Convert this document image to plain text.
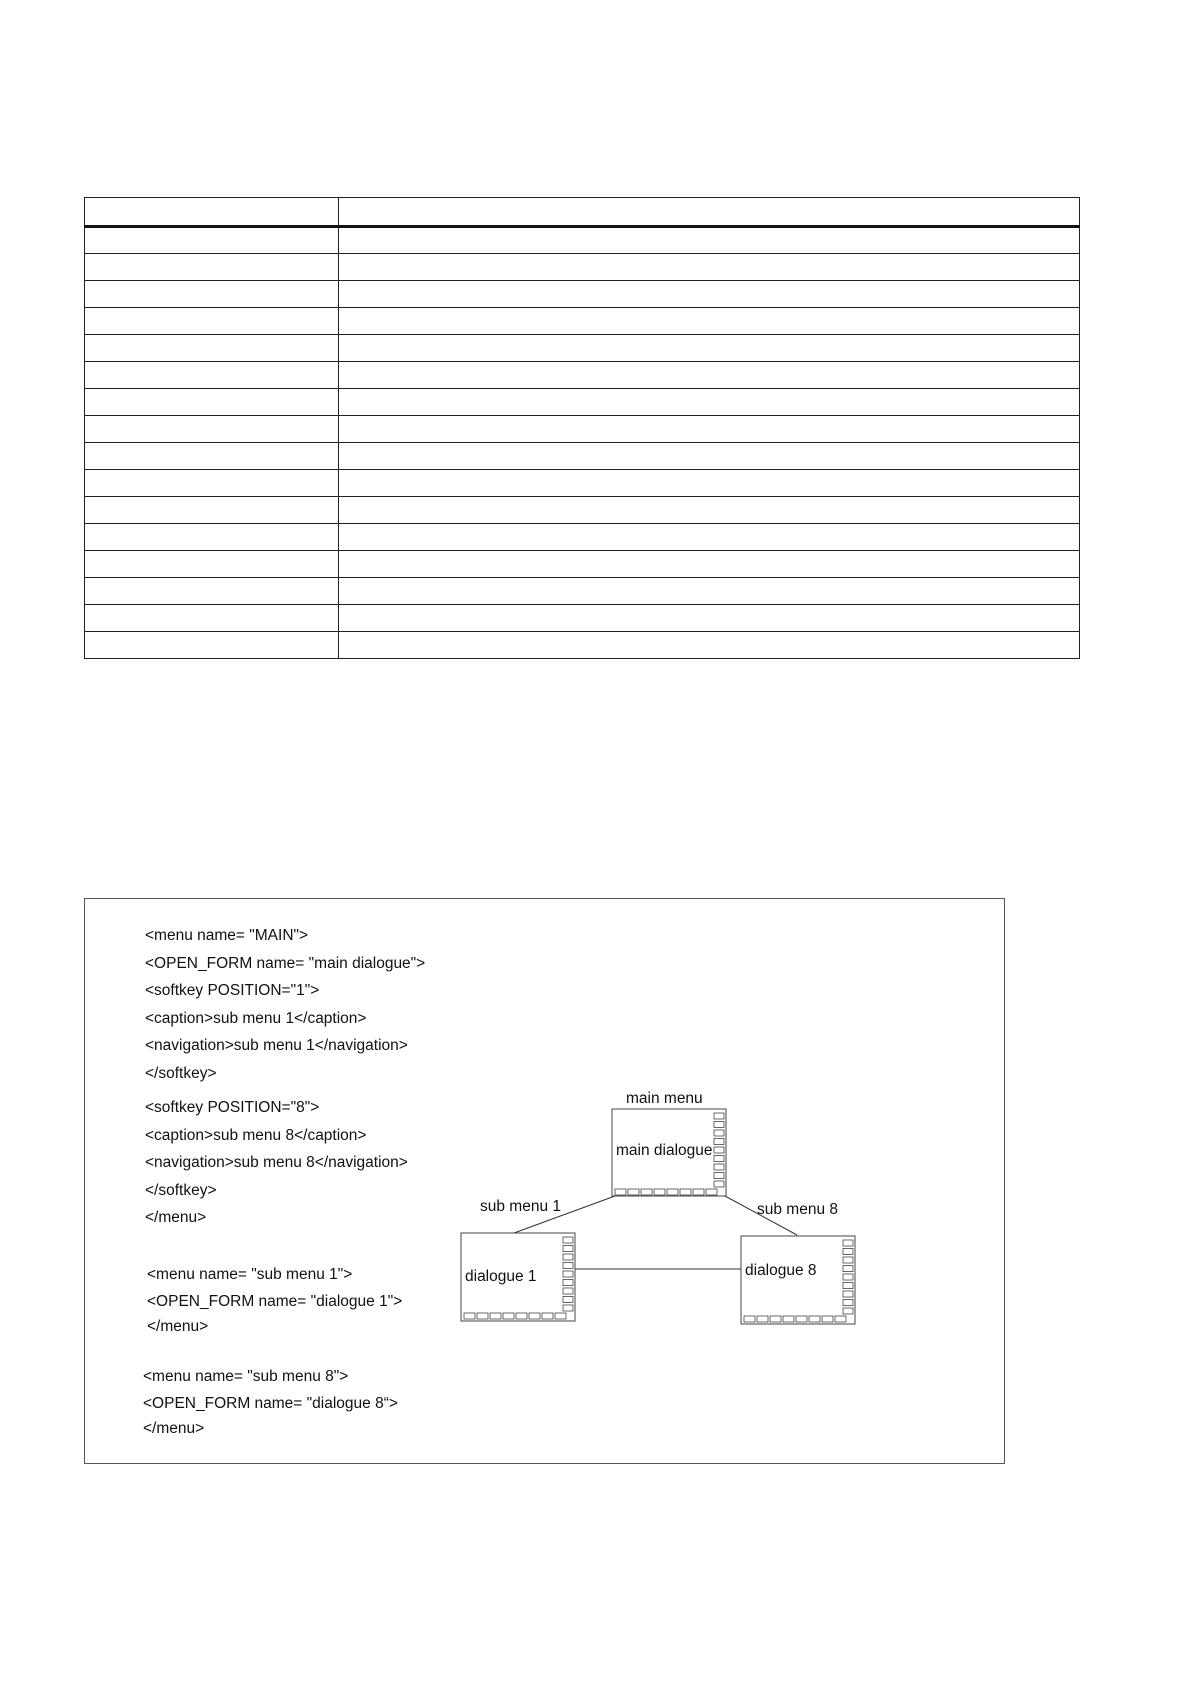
<menu name= "MAIN">
<OPEN_FORM name= "main dialogue">
<softkey POSITION="1">
<caption>sub menu 1</caption>
<navigation>sub menu 1</navigation>
</softkey>
<softkey POSITION="8">
<caption>sub menu 8</caption>
<navigation>sub menu 8</navigation>
</softkey>
</menu>
<menu name= "sub menu 1">
<OPEN_FORM name= "dialogue 1">
</menu>
<menu name= "sub menu 8">
<OPEN_FORM name= "dialogue 8“>
</menu>
main menu
main dialogue
sub menu 1	sub menu 8
dialogue 1	dialogue 8
